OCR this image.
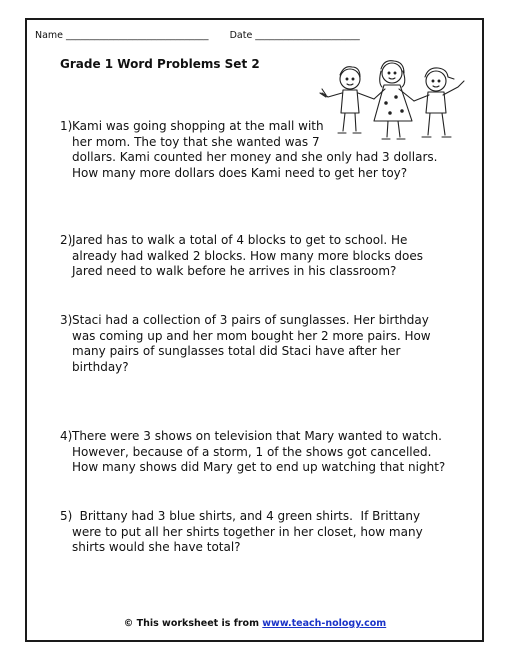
Name ______________________________ Date ______________________
Grade 1 Word Problems Set 2
1) Kami was going shopping at the mall with
her mom. The toy that she wanted was 7
dollars. Kami counted her money and she only had 3 dollars.
How many more dollars does Kami need to get her toy?
2) Jared has to walk a total of 4 blocks to get to school. He
already had walked 2 blocks. How many more blocks does
Jared need to walk before he arrives in his classroom?
3) Staci had a collection of 3 pairs of sunglasses. Her birthday
was coming up and her mom bought her 2 more pairs. How
many pairs of sunglasses total did Staci have after her
birthday?
4) There were 3 shows on television that Mary wanted to watch.
However, because of a storm, 1 of the shows got cancelled.
How many shows did Mary get to end up watching that night?
5) Brittany had 3 blue shirts, and 4 green shirts.  If Brittany
were to put all her shirts together in her closet, how many
shirts would she have total?
© This worksheet is from www.teach-nology.com
